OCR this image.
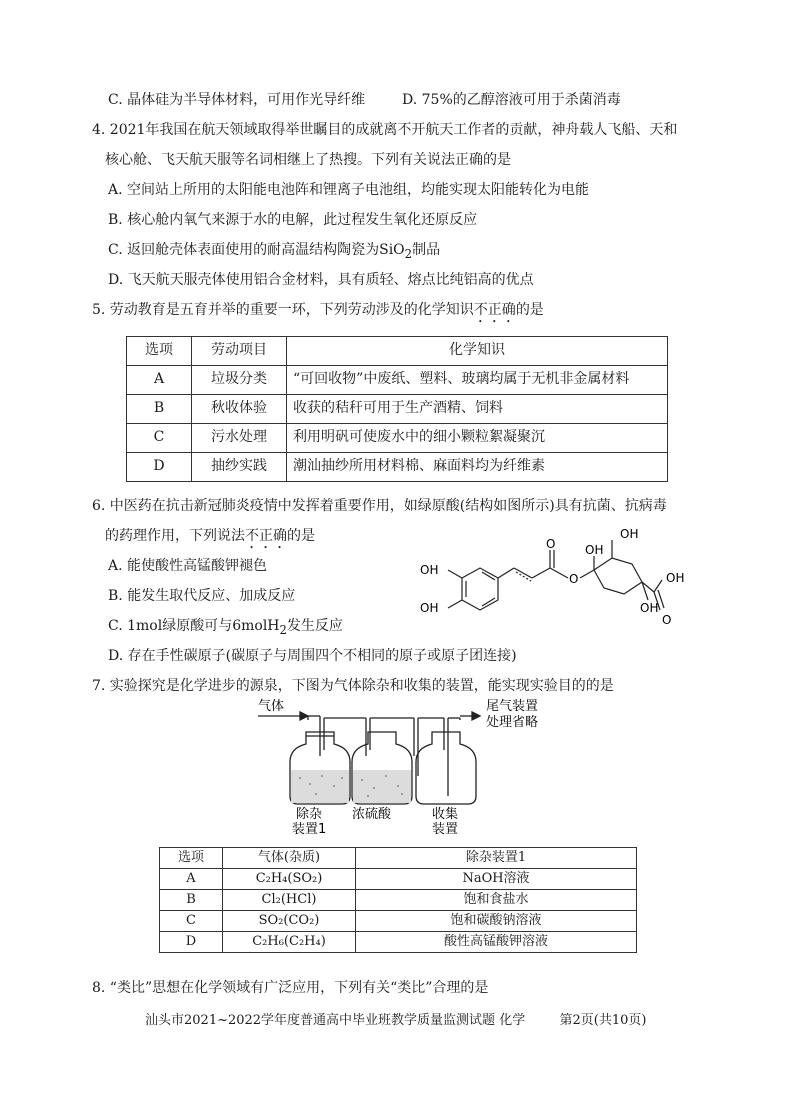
C. 晶体硅为半导体材料，可用作光导纤维	D. 75%的乙醇溶液可用于杀菌消毒
4. 2021年我国在航天领域取得举世瞩目的成就离不开航天工作者的贡献，神舟载人飞船、天和
核心舱、飞天航天服等名词相继上了热搜。下列有关说法正确的是
A. 空间站上所用的太阳能电池阵和锂离子电池组，均能实现太阳能转化为电能
B. 核心舱内氧气来源于水的电解，此过程发生氧化还原反应
C. 返回舱壳体表面使用的耐高温结构陶瓷为SiO$_2$制品
D. 飞天航天服壳体使用铝合金材料，具有质轻、熔点比纯铝高的优点
5. 劳动教育是五育并举的重要一环，下列劳动涉及的化学知识不正确的是
选项	劳动项目	化学知识
A	垃圾分类	“可回收物”中废纸、塑料、玻璃均属于无机非金属材料
B	秋收体验	收获的秸秆可用于生产酒精、饲料
C	污水处理	利用明矾可使废水中的细小颗粒絮凝聚沉
D	抽纱实践	潮汕抽纱所用材料棉、麻面料均为纤维素
6. 中医药在抗击新冠肺炎疫情中发挥着重要作用，如绿原酸(结构如图所示)具有抗菌、抗病毒
的药理作用，下列说法不正确的是
A. 能使酸性高锰酸钾褪色
B. 能发生取代反应、加成反应
C. 1mol绿原酸可与6molH$_2$发生反应
D. 存在手性碳原子(碳原子与周围四个不相同的原子或原子团连接)
OH
OH
O
O
OH
OH
OH
OH
O
7. 实验探究是化学进步的源泉，下图为气体除杂和收集的装置，能实现实验目的的是
气体	尾气装置
处理省略
除杂
装置1
浓硫酸	收集
装置
选项	气体(杂质)	除杂装置1
A	C₂H₄(SO₂)	NaOH溶液
B	Cl₂(HCl)	饱和食盐水
C	SO₂(CO₂)	饱和碳酸钠溶液
D	C₂H₆(C₂H₄)	酸性高锰酸钾溶液
8. “类比”思想在化学领域有广泛应用，下列有关“类比”合理的是
汕头市2021~2022学年度普通高中毕业班教学质量监测试题 化学	第2页(共10页)
